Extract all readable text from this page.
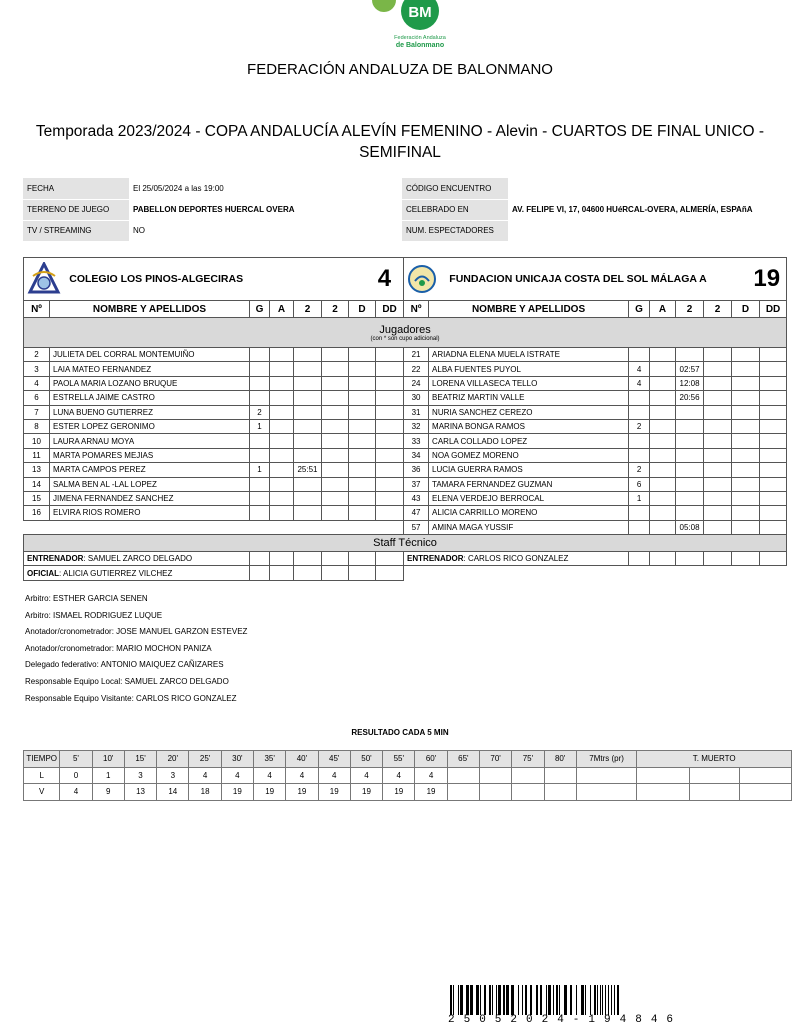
BM
Federación Andaluza
de Balonmano
FEDERACIÓN ANDALUZA DE BALONMANO
Temporada 2023/2024 - COPA ANDALUCÍA ALEVÍN FEMENINO - Alevin - CUARTOS DE FINAL UNICO - SEMIFINAL
FECHA	El 25/05/2024 a las 19:00
TERRENO DE JUEGO	PABELLON DEPORTES HUERCAL OVERA
TV / STREAMING	NO
CÓDIGO ENCUENTRO	
CELEBRADO EN	AV. FELIPE VI, 17, 04600 HUéRCAL-OVERA, ALMERÍA, ESPAñA
NUM. ESPECTADORES	
COLEGIO LOS PINOS-ALGECIRAS						4		FUNDACION UNICAJA COSTA DEL SOL MÁLAGA A						19	
Nº	NOMBRE Y APELLIDOS	G	A	2	2	D	DD	Nº	NOMBRE Y APELLIDOS	G	A	2	2	D	DD
Jugadores
(con * son cupo adicional)															

2	JULIETA DEL CORRAL MONTEMUIÑO							21	ARIADNA ELENA MUELA ISTRATE						
3	LAIA MATEO FERNANDEZ							22	ALBA FUENTES PUYOL	4		02:57			
4	PAOLA MARIA LOZANO BRUQUE							24	LORENA VILLASECA TELLO	4		12:08			
6	ESTRELLA JAIME CASTRO							30	BEATRIZ MARTIN VALLE			20:56			
7	LUNA BUENO GUTIERREZ	2						31	NURIA SANCHEZ CEREZO						
8	ESTER LOPEZ GERONIMO	1						32	MARINA BONGA RAMOS	2					
10	LAURA ARNAU MOYA							33	CARLA COLLADO LOPEZ						
11	MARTA POMARES MEJIAS							34	NOA GOMEZ MORENO						
13	MARTA CAMPOS PEREZ	1		25:51				36	LUCIA GUERRA RAMOS	2					
14	SALMA BEN AL -LAL LOPEZ							37	TAMARA FERNANDEZ GUZMAN	6					
15	JIMENA FERNANDEZ SANCHEZ							43	ELENA VERDEJO BERROCAL	1					
16	ELVIRA RIOS ROMERO							47	ALICIA CARRILLO MORENO						
								57	AMINA MAGA YUSSIF			05:08			
Staff Técnico															
ENTRENADOR: SAMUEL ZARCO DELGADO								ENTRENADOR: CARLOS RICO GONZALEZ							
OFICIAL: ALICIA GUTIERREZ VILCHEZ															
Arbitro: ESTHER GARCIA SENEN
Arbitro: ISMAEL RODRIGUEZ LUQUE
Anotador/cronometrador: JOSE MANUEL GARZON ESTEVEZ
Anotador/cronometrador: MARIO MOCHON PANIZA
Delegado federativo: ANTONIO MAIQUEZ CAÑIZARES
Responsable Equipo Local: SAMUEL ZARCO DELGADO
Responsable Equipo Visitante: CARLOS RICO GONZALEZ
RESULTADO CADA 5 MIN
TIEMPO	5'	10'	15'	20'	25'	30'	35'	40'	45'	50'	55'	60'	65'	70'	75'	80'	7Mtrs (pr)	T. MUERTO		
L	0	1	3	3	4	4	4	4	4	4	4	4								
V	4	9	13	14	18	19	19	19	19	19	19	19								
25052024-194846
